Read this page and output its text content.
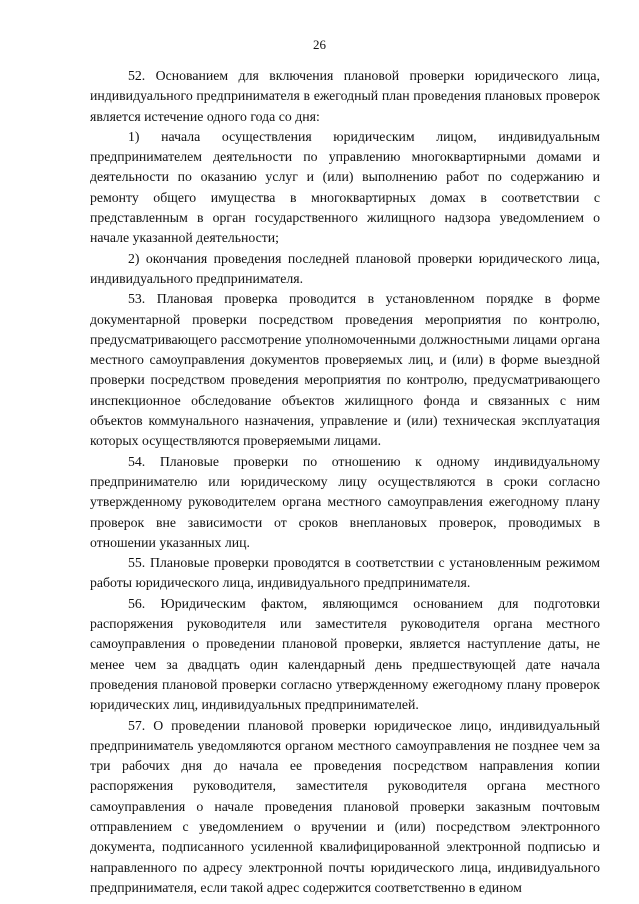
26

52. Основанием для включения плановой проверки юридического лица, индивидуального предпринимателя в ежегодный план проведения плановых проверок является истечение одного года со дня:

1) начала осуществления юридическим лицом, индивидуальным предпринимателем деятельности по управлению многоквартирными домами и деятельности по оказанию услуг и (или) выполнению работ по содержанию и ремонту общего имущества в многоквартирных домах в соответствии с представленным в орган государственного жилищного надзора уведомлением о начале указанной деятельности;

2) окончания проведения последней плановой проверки юридического лица, индивидуального предпринимателя.

53. Плановая проверка проводится в установленном порядке в форме документарной проверки посредством проведения мероприятия по контролю, предусматривающего рассмотрение уполномоченными должностными лицами органа местного самоуправления документов проверяемых лиц, и (или) в форме выездной проверки посредством проведения мероприятия по контролю, предусматривающего инспекционное обследование объектов жилищного фонда и связанных с ним объектов коммунального назначения, управление и (или) техническая эксплуатация которых осуществляются проверяемыми лицами.

54. Плановые проверки по отношению к одному индивидуальному предпринимателю или юридическому лицу осуществляются в сроки согласно утвержденному руководителем органа местного самоуправления ежегодному плану проверок вне зависимости от сроков внеплановых проверок, проводимых в отношении указанных лиц.

55. Плановые проверки проводятся в соответствии с установленным режимом работы юридического лица, индивидуального предпринимателя.

56. Юридическим фактом, являющимся основанием для подготовки распоряжения руководителя или заместителя руководителя органа местного самоуправления о проведении плановой проверки, является наступление даты, не менее чем за двадцать один календарный день предшествующей дате начала проведения плановой проверки согласно утвержденному ежегодному плану проверок юридических лиц, индивидуальных предпринимателей.

57. О проведении плановой проверки юридическое лицо, индивидуальный предприниматель уведомляются органом местного самоуправления не позднее чем за три рабочих дня до начала ее проведения посредством направления копии распоряжения руководителя, заместителя руководителя органа местного самоуправления о начале проведения плановой проверки заказным почтовым отправлением с уведомлением о вручении и (или) посредством электронного документа, подписанного усиленной квалифицированной электронной подписью и направленного по адресу электронной почты юридического лица, индивидуального предпринимателя, если такой адрес содержится соответственно в едином
